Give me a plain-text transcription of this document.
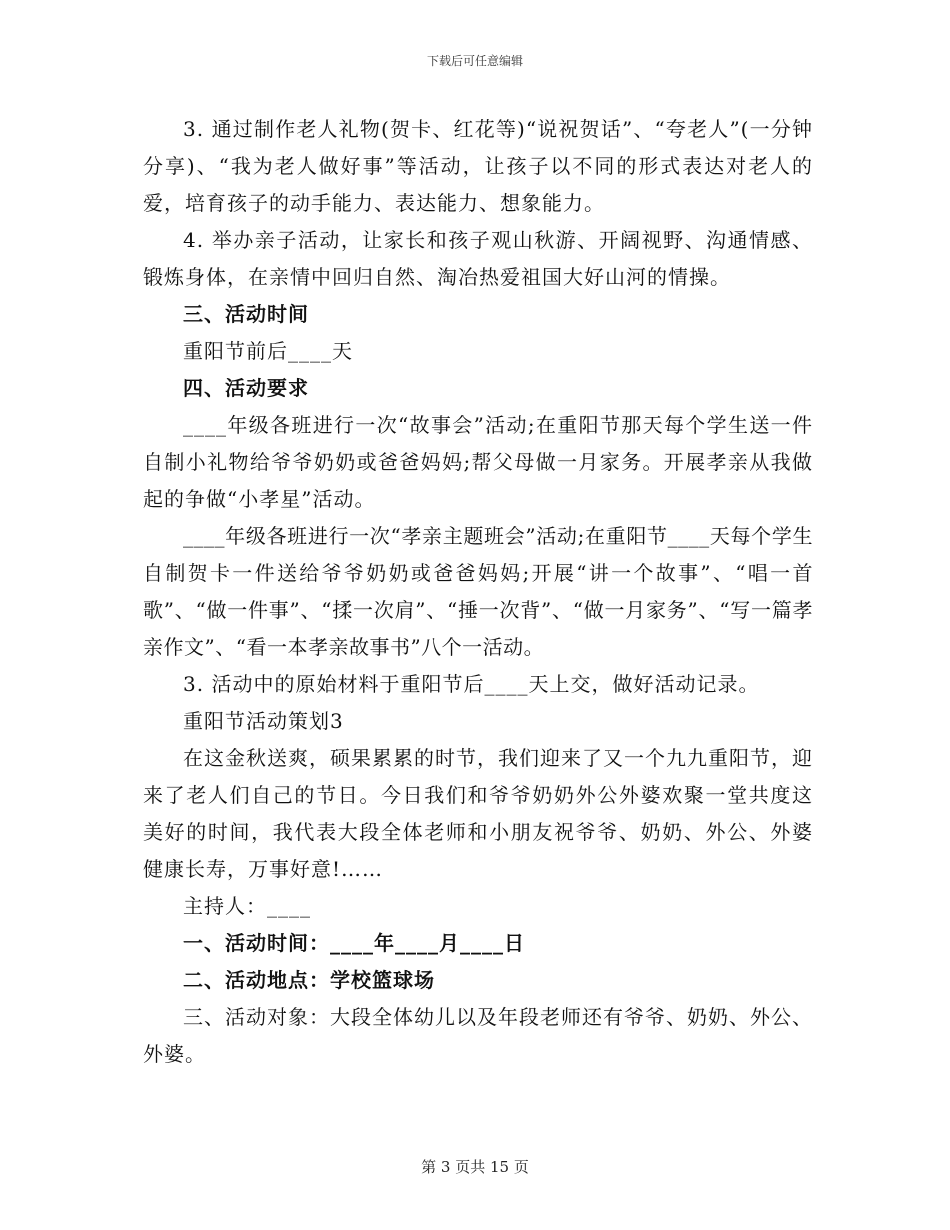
下载后可任意编辑

3. 通过制作老人礼物(贺卡、红花等)“说祝贺话”、“夸老人”(一分钟分享)、“我为老人做好事”等活动，让孩子以不同的形式表达对老人的爱，培育孩子的动手能力、表达能力、想象能力。

4. 举办亲子活动，让家长和孩子观山秋游、开阔视野、沟通情感、锻炼身体，在亲情中回归自然、淘冶热爱祖国大好山河的情操。

三、活动时间

重阳节前后____天

四、活动要求

____年级各班进行一次“故事会”活动;在重阳节那天每个学生送一件自制小礼物给爷爷奶奶或爸爸妈妈;帮父母做一月家务。开展孝亲从我做起的争做“小孝星”活动。

____年级各班进行一次“孝亲主题班会”活动;在重阳节____天每个学生自制贺卡一件送给爷爷奶奶或爸爸妈妈;开展“讲一个故事”、“唱一首歌”、“做一件事”、“揉一次肩”、“捶一次背”、“做一月家务”、“写一篇孝亲作文”、“看一本孝亲故事书”八个一活动。

3. 活动中的原始材料于重阳节后____天上交，做好活动记录。

重阳节活动策划3

在这金秋送爽，硕果累累的时节，我们迎来了又一个九九重阳节，迎来了老人们自己的节日。今日我们和爷爷奶奶外公外婆欢聚一堂共度这美好的时间，我代表大段全体老师和小朋友祝爷爷、奶奶、外公、外婆健康长寿，万事好意!……

主持人：____

一、活动时间：____年____月____日

二、活动地点：学校篮球场

三、活动对象：大段全体幼儿以及年段老师还有爷爷、奶奶、外公、外婆。

第 3 页共 15 页
